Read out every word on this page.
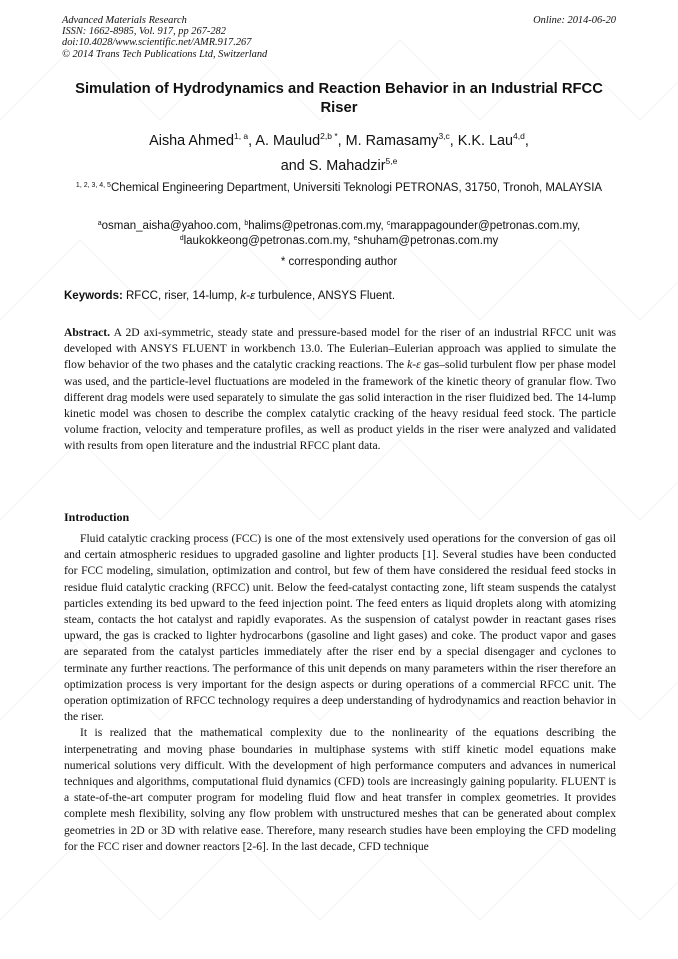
Advanced Materials Research
ISSN: 1662-8985, Vol. 917, pp 267-282
doi:10.4028/www.scientific.net/AMR.917.267
© 2014 Trans Tech Publications Ltd, Switzerland
Online: 2014-06-20
Simulation of Hydrodynamics and Reaction Behavior in an Industrial RFCC Riser
Aisha Ahmed$^{1, a}$, A. Maulud$^{2,b *}$, M. Ramasamy$^{3,c}$, K.K. Lau$^{4,d}$,
and S. Mahadzir$^{5,e}$
$^{1, 2, 3, 4, 5}$Chemical Engineering Department, Universiti Teknologi PETRONAS, 31750, Tronoh, MALAYSIA
$^a$osman_aisha@yahoo.com, $^b$halims@petronas.com.my, $^c$marappagounder@petronas.com.my,
$^d$laukokkeong@petronas.com.my, $^e$shuham@petronas.com.my
* corresponding author
Keywords: RFCC, riser, 14-lump, k-ε turbulence, ANSYS Fluent.

Abstract. A 2D axi-symmetric, steady state and pressure-based model for the riser of an industrial RFCC unit was developed with ANSYS FLUENT in workbench 13.0. The Eulerian–Eulerian approach was applied to simulate the flow behavior of the two phases and the catalytic cracking reactions. The k-ε gas–solid turbulent flow per phase model was used, and the particle-level fluctuations are modeled in the framework of the kinetic theory of granular flow. Two different drag models were used separately to simulate the gas solid interaction in the riser fluidized bed. The 14-lump kinetic model was chosen to describe the complex catalytic cracking of the heavy residual feed stock. The particle volume fraction, velocity and temperature profiles, as well as product yields in the riser were analyzed and validated with results from open literature and the industrial RFCC plant data.

Introduction

Fluid catalytic cracking process (FCC) is one of the most extensively used operations for the conversion of gas oil and certain atmospheric residues to upgraded gasoline and lighter products [1]. Several studies have been conducted for FCC modeling, simulation, optimization and control, but few of them have considered the residual feed stocks in residue fluid catalytic cracking (RFCC) unit. Below the feed-catalyst contacting zone, lift steam suspends the catalyst particles extending its bed upward to the feed injection point. The feed enters as liquid droplets along with atomizing steam, contacts the hot catalyst and rapidly evaporates. As the suspension of catalyst powder in reactant gases rises upward, the gas is cracked to lighter hydrocarbons (gasoline and light gases) and coke. The product vapor and gases are separated from the catalyst particles immediately after the riser end by a special disengager and cyclones to terminate any further reactions. The performance of this unit depends on many parameters within the riser therefore an optimization process is very important for the design aspects or during operations of a commercial RFCC unit. The operation optimization of RFCC technology requires a deep understanding of hydrodynamics and reaction behavior in the riser.

It is realized that the mathematical complexity due to the nonlinearity of the equations describing the interpenetrating and moving phase boundaries in multiphase systems with stiff kinetic model equations make numerical solutions very difficult. With the development of high performance computers and advances in numerical techniques and algorithms, computational fluid dynamics (CFD) tools are increasingly gaining popularity. FLUENT is a state-of-the-art computer program for modeling fluid flow and heat transfer in complex geometries. It provides complete mesh flexibility, solving any flow problem with unstructured meshes that can be generated about complex geometries in 2D or 3D with relative ease. Therefore, many research studies have been employing the CFD modeling for the FCC riser and downer reactors [2-6]. In the last decade, CFD technique
